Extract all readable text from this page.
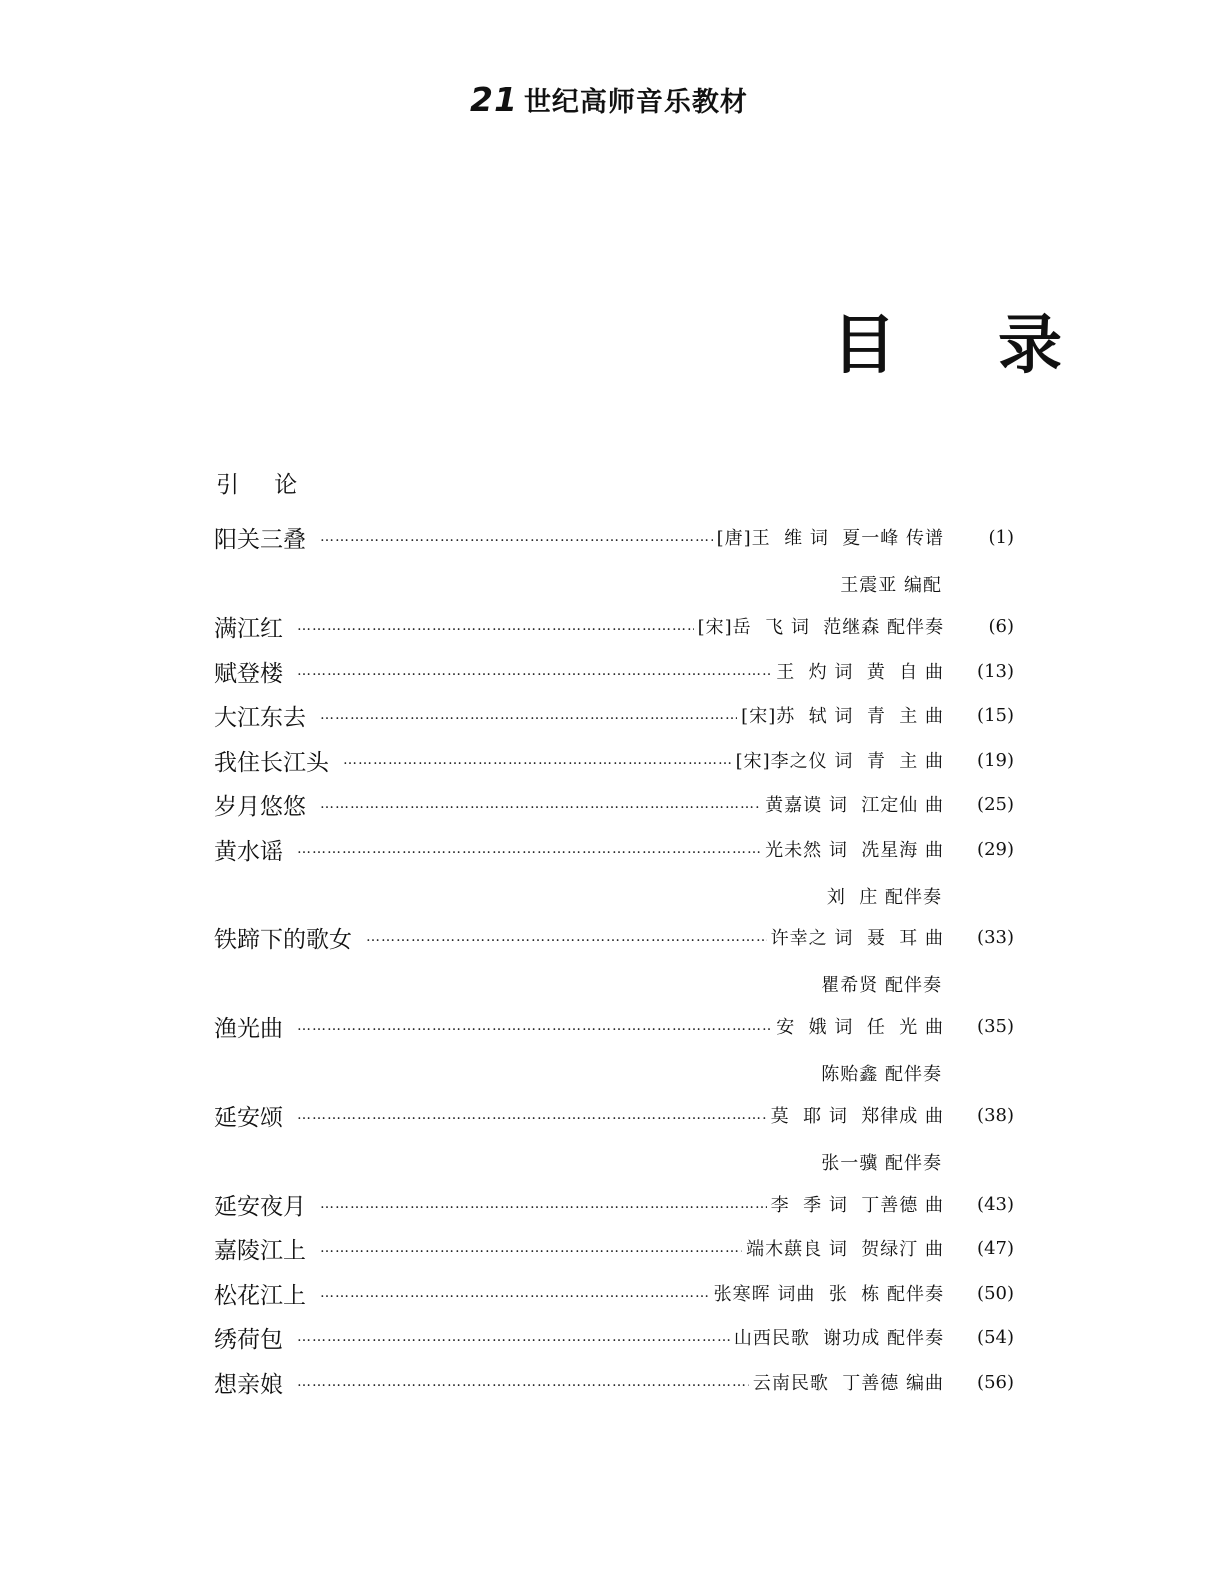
21 世纪高师音乐教材
目 录
引 论
阳关三叠 …………………………………………………………………………………………………………………………………………………………	[唐]王  维 词  夏一峰 传谱	(1)
王震亚 编配
满江红 …………………………………………………………………………………………………………………………………………………………	[宋]岳  飞 词  范继森 配伴奏	(6)
赋登楼 …………………………………………………………………………………………………………………………………………………………	王  灼 词  黄  自 曲	(13)
大江东去 …………………………………………………………………………………………………………………………………………………………	[宋]苏  轼 词  青  主 曲	(15)
我住长江头 …………………………………………………………………………………………………………………………………………………………	[宋]李之仪 词  青  主 曲	(19)
岁月悠悠 …………………………………………………………………………………………………………………………………………………………	黄嘉谟 词  江定仙 曲	(25)
黄水谣 …………………………………………………………………………………………………………………………………………………………	光未然 词  冼星海 曲	(29)
刘  庄 配伴奏
铁蹄下的歌女 …………………………………………………………………………………………………………………………………………………………	许幸之 词  聂  耳 曲	(33)
瞿希贤 配伴奏
渔光曲 …………………………………………………………………………………………………………………………………………………………	安  娥 词  任  光 曲	(35)
陈贻鑫 配伴奏
延安颂 …………………………………………………………………………………………………………………………………………………………	莫  耶 词  郑律成 曲	(38)
张一骥 配伴奏
延安夜月 …………………………………………………………………………………………………………………………………………………………	李  季 词  丁善德 曲	(43)
嘉陵江上 …………………………………………………………………………………………………………………………………………………………	端木蕻良 词  贺绿汀 曲	(47)
松花江上 …………………………………………………………………………………………………………………………………………………………	张寒晖 词曲  张  栋 配伴奏	(50)
绣荷包 …………………………………………………………………………………………………………………………………………………………	山西民歌  谢功成 配伴奏	(54)
想亲娘 …………………………………………………………………………………………………………………………………………………………	云南民歌  丁善德 编曲	(56)
